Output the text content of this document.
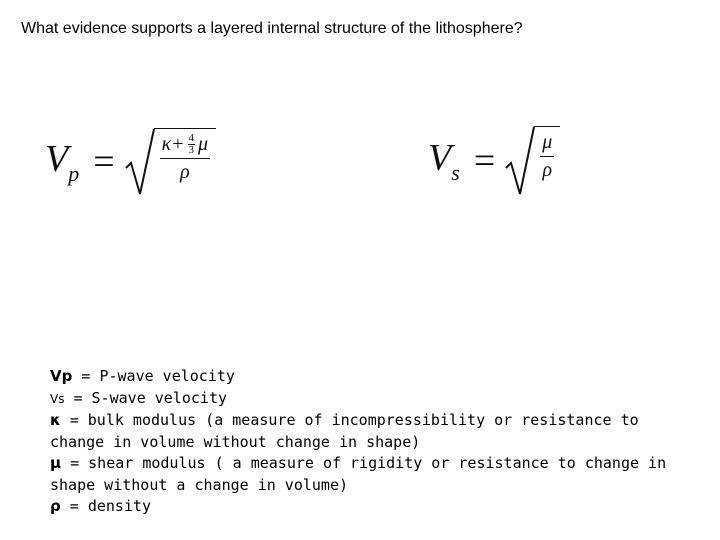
What evidence supports a layered internal structure of the lithosphere?
$V_p = \kappa + \frac{4}{3}$ μ
ρ	$V_s = \frac{\mu}{\rho}$

Vp = P-wave velocity

Vs = S-wave velocity

κ = bulk modulus (a measure of incompressibility or resistance to change in volume without change in shape)

μ = shear modulus ( a measure of rigidity or resistance to change in shape without a change in volume)

ρ = density
